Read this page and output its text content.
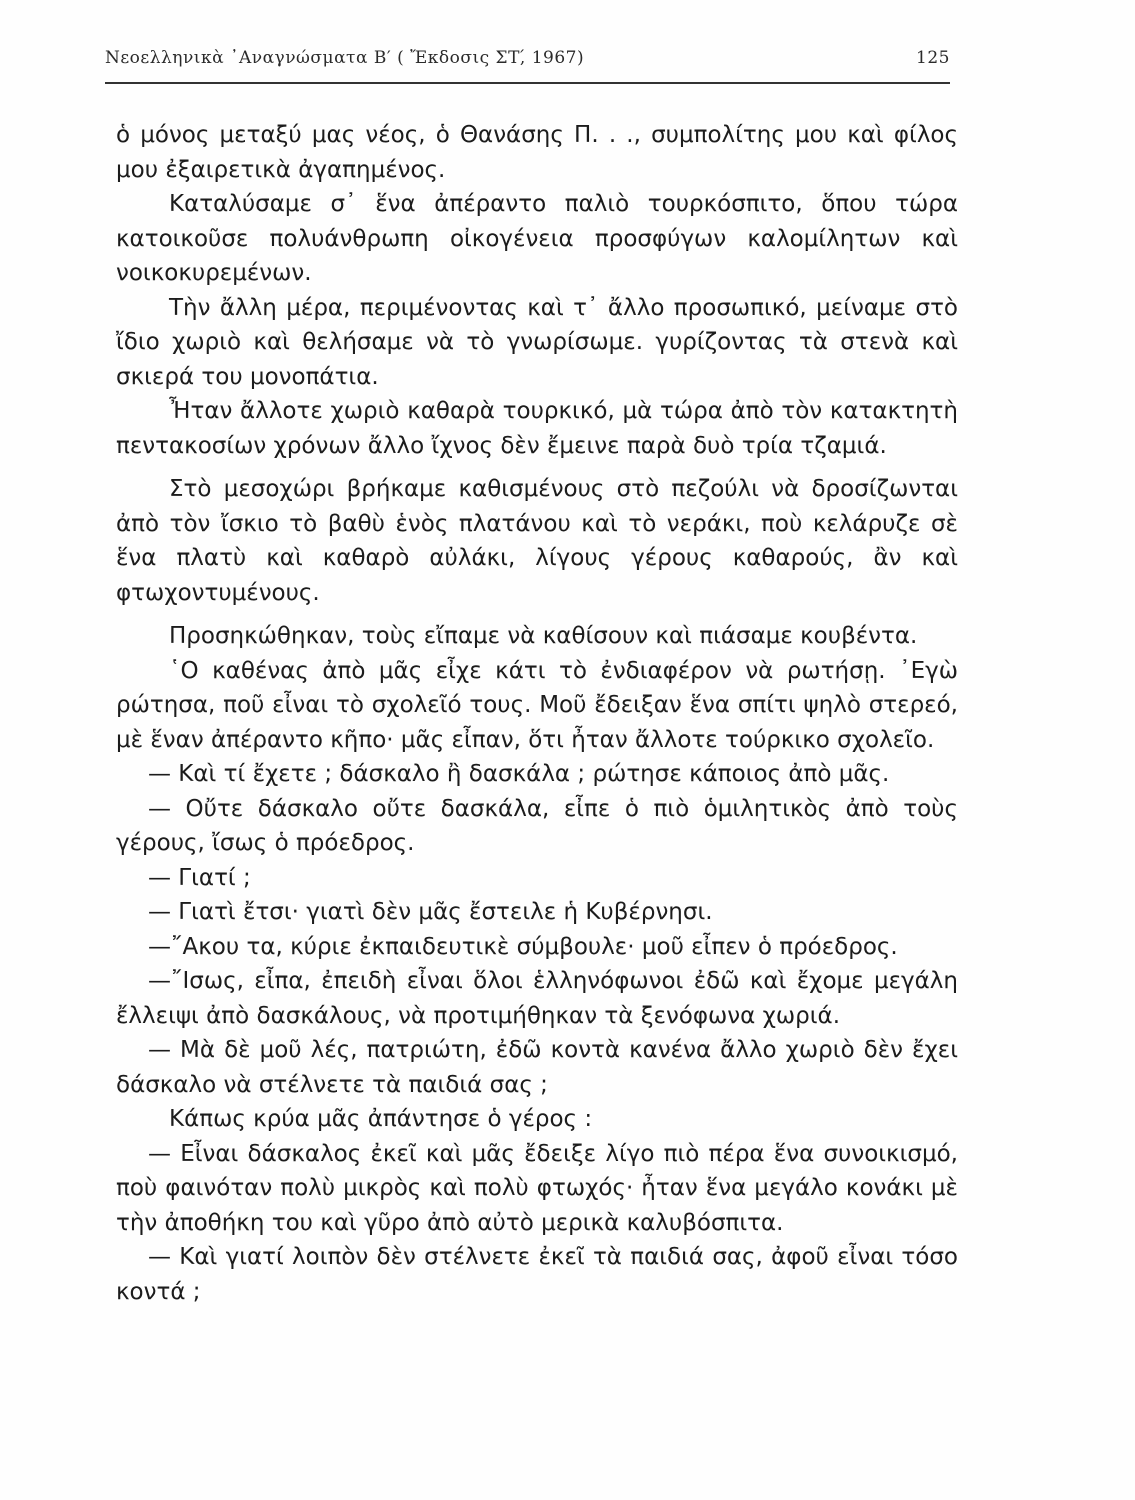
Νεοελληνικὰ ᾿Αναγνώσματα Β′ ( Ἔκδοσις ΣΤ,́ 1967)	125

ὁ μόνος μεταξύ μας νέος, ὁ Θανάσης Π. . ., συμπολίτης μου καὶ φίλος μου ἐξαιρετικὰ ἀγαπημένος.

Καταλύσαμε σ᾿ ἕνα ἀπέραντο παλιὸ τουρκόσπιτο, ὅπου τώρα κατοικοῦσε πολυάνθρωπη οἰκογένεια προσφύγων καλομίλητων καὶ νοικοκυρεμένων.

Τὴν ἄλλη μέρα, περιμένοντας καὶ τ᾿ ἄλλο προσωπικό, μείναμε στὸ ἴδιο χωριὸ καὶ θελήσαμε νὰ τὸ γνωρίσωμε. γυρίζοντας τὰ στενὰ καὶ σκιερά του μονοπάτια.

Ἦταν ἄλλοτε χωριὸ καθαρὰ τουρκικό, μὰ τώρα ἀπὸ τὸν κατακτητὴ πεντακοσίων χρόνων ἄλλο ἴχνος δὲν ἔμεινε παρὰ δυὸ τρία τζαμιά.

Στὸ μεσοχώρι βρήκαμε καθισμένους στὸ πεζούλι νὰ δροσίζωνται ἀπὸ τὸν ἴσκιο τὸ βαθὺ ἑνὸς πλατάνου καὶ τὸ νεράκι, ποὺ κελάρυζε σὲ ἕνα πλατὺ καὶ καθαρὸ αὐλάκι, λίγους γέρους καθαρούς, ἂν καὶ φτωχοντυμένους.

Προσηκώθηκαν, τοὺς εἴπαμε νὰ καθίσουν καὶ πιάσαμε κουβέντα.

῾Ο καθένας ἀπὸ μᾶς εἶχε κάτι τὸ ἐνδιαφέρον νὰ ρωτήσῃ. ᾿Εγὼ ρώτησα, ποῦ εἶναι τὸ σχολεῖό τους. Μοῦ ἔδειξαν ἕνα σπίτι ψηλὸ στερεό, μὲ ἕναν ἀπέραντο κῆπο· μᾶς εἶπαν, ὅτι ἦταν ἄλλοτε τούρκικο σχολεῖο.

— Καὶ τί ἔχετε ; δάσκαλο ἢ δασκάλα ; ρώτησε κάποιος ἀπὸ μᾶς.

— Οὔτε δάσκαλο οὔτε δασκάλα, εἶπε ὁ πιὸ ὁμιλητικὸς ἀπὸ τοὺς γέρους, ἴσως ὁ πρόεδρος.

— Γιατί ;

— Γιατὶ ἔτσι· γιατὶ δὲν μᾶς ἔστειλε ἡ Κυβέρνησι.

—῎Ακου τα, κύριε ἐκπαιδευτικὲ σύμβουλε· μοῦ εἶπεν ὁ πρόεδρος.

—῎Ισως, εἶπα, ἐπειδὴ εἶναι ὅλοι ἑλληνόφωνοι ἐδῶ καὶ ἔχομε μεγάλη ἔλλειψι ἀπὸ δασκάλους, νὰ προτιμήθηκαν τὰ ξενόφωνα χωριά.

— Μὰ δὲ μοῦ λές, πατριώτη, ἐδῶ κοντὰ κανένα ἄλλο χωριὸ δὲν ἔχει δάσκαλο νὰ στέλνετε τὰ παιδιά σας ;

Κάπως κρύα μᾶς ἀπάντησε ὁ γέρος :

— Εἶναι δάσκαλος ἐκεῖ καὶ μᾶς ἔδειξε λίγο πιὸ πέρα ἕνα συνοικισμό, ποὺ φαινόταν πολὺ μικρὸς καὶ πολὺ φτωχός· ἦταν ἕνα μεγάλο κονάκι μὲ τὴν ἀποθήκη του καὶ γῦρο ἀπὸ αὐτὸ μερικὰ καλυβόσπιτα.

— Καὶ γιατί λοιπὸν δὲν στέλνετε ἐκεῖ τὰ παιδιά σας, ἀφοῦ εἶναι τόσο κοντά ;
